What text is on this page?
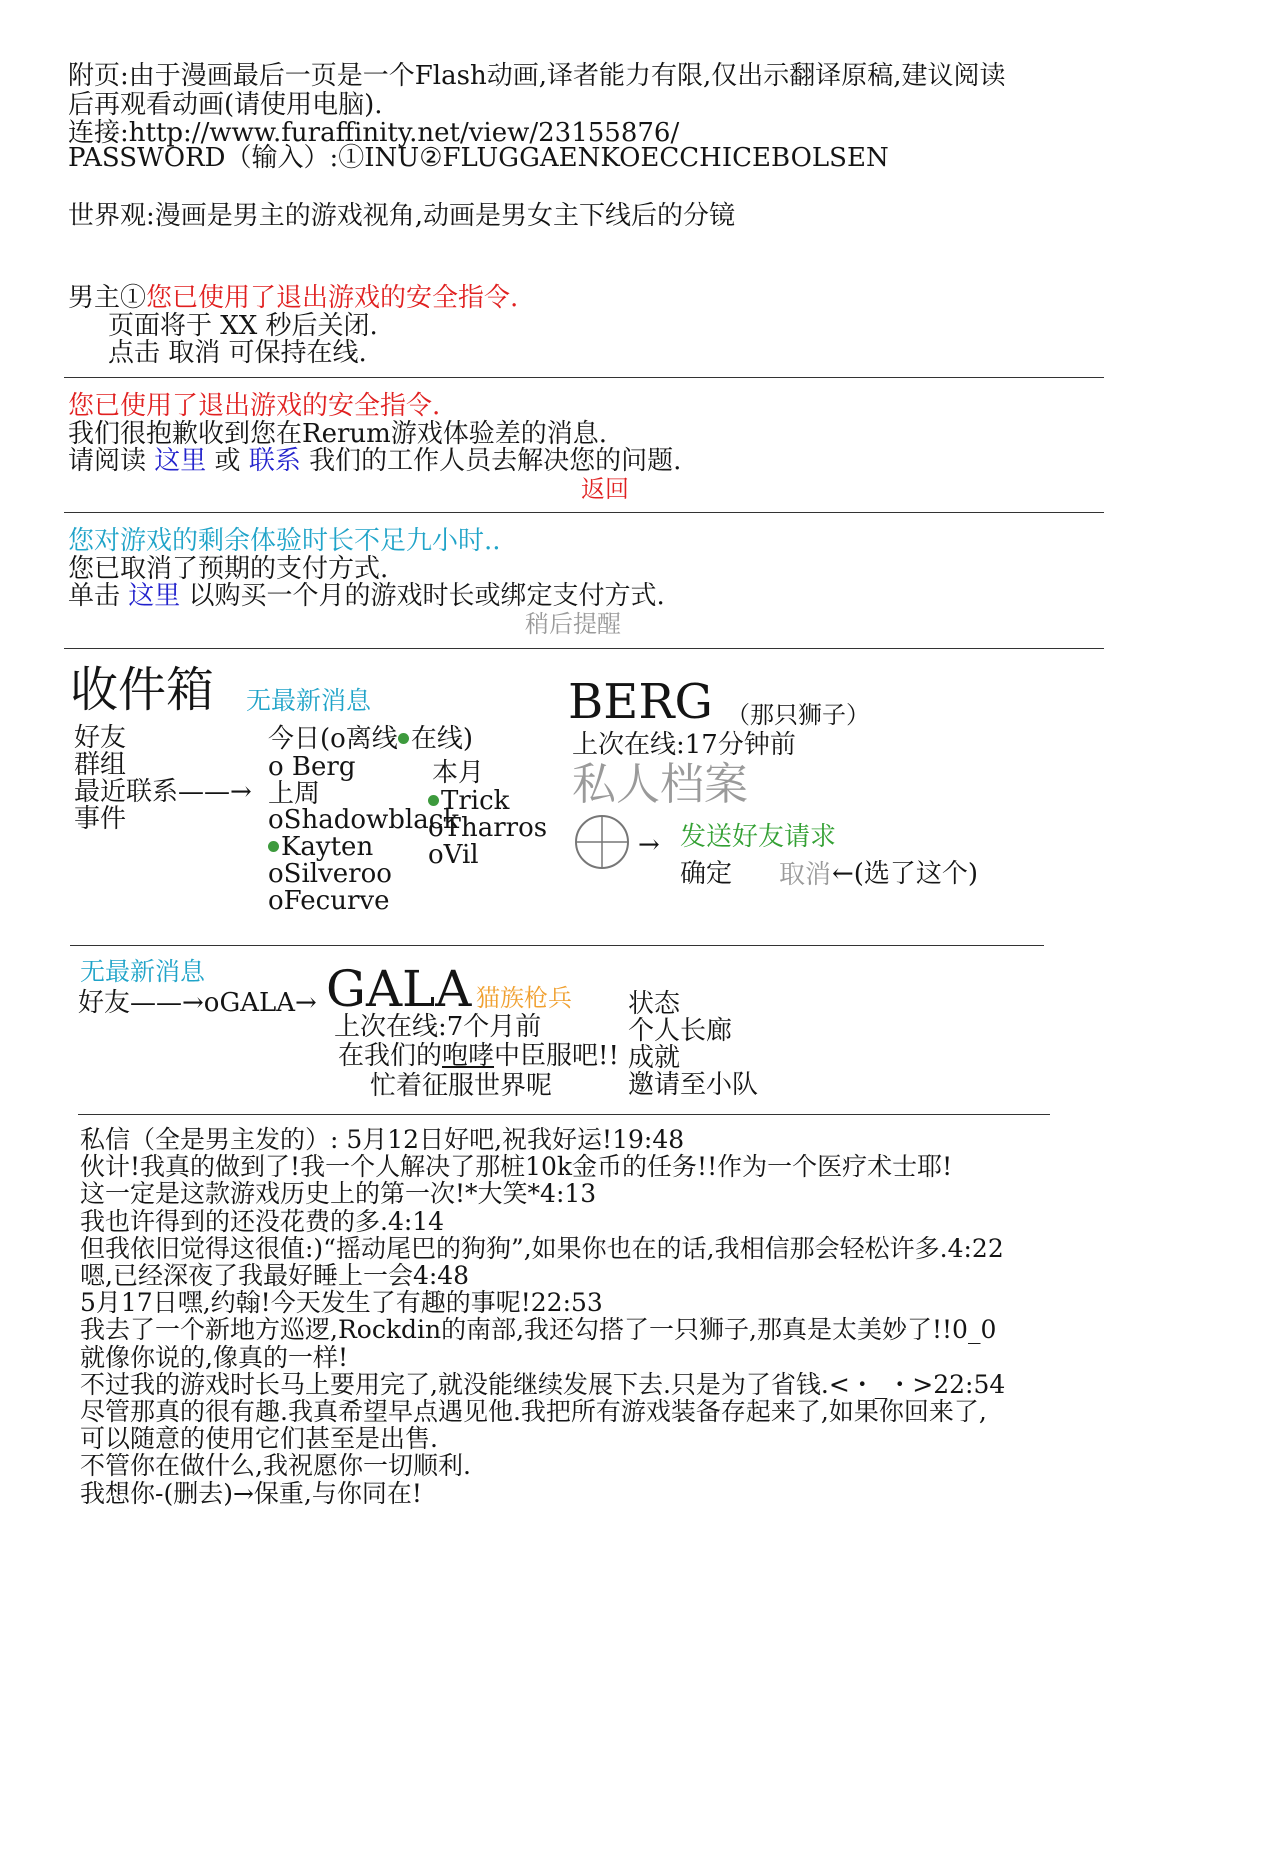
附页:由于漫画最后一页是一个Flash动画,译者能力有限,仅出示翻译原稿,建议阅读
后再观看动画(请使用电脑).
连接:http://www.furaffinity.net/view/23155876/
PASSWORD（输入）:①INU②FLUGGAENKOECCHICEBOLSEN
世界观:漫画是男主的游戏视角,动画是男女主下线后的分镜
男主①您已使用了退出游戏的安全指令.
页面将于 XX 秒后关闭.
点击 取消 可保持在线.
您已使用了退出游戏的安全指令.
我们很抱歉收到您在Rerum游戏体验差的消息.
请阅读 这里 或 联系 我们的工作人员去解决您的问题.
返回
您对游戏的剩余体验时长不足九小时..
您已取消了预期的支付方式.
单击 这里 以购买一个月的游戏时长或绑定支付方式.
稍后提醒
收件箱 无最新消息
好友
群组
最近联系——→
事件
今日(o离线 在线)
o Berg
上周
oShadowblack
Kayten
oSilveroo
oFecurve
本月
Trick
oTharros
oVil
BERG （那只狮子）
上次在线:17分钟前
私人档案
→ 发送好友请求
确定 取消 ←(选了这个)
无最新消息
好友——→oGALA→ GALA 猫族枪兵
上次在线:7个月前
在我们的咆哮中臣服吧!!
忙着征服世界呢
状态
个人长廊
成就
邀请至小队
私信（全是男主发的）: 5月12日好吧,祝我好运!19:48
伙计!我真的做到了!我一个人解决了那桩10k金币的任务!!作为一个医疗术士耶!
这一定是这款游戏历史上的第一次!*大笑*4:13
我也许得到的还没花费的多.4:14
但我依旧觉得这很值:)“摇动尾巴的狗狗”,如果你也在的话,我相信那会轻松许多.4:22
嗯,已经深夜了我最好睡上一会4:48
5月17日嘿,约翰!今天发生了有趣的事呢!22:53
我去了一个新地方巡逻,Rockdin的南部,我还勾搭了一只狮子,那真是太美妙了!!0_0
就像你说的,像真的一样!
不过我的游戏时长马上要用完了,就没能继续发展下去.只是为了省钱.<・_・>22:54
尽管那真的很有趣.我真希望早点遇见他.我把所有游戏装备存起来了,如果你回来了,
可以随意的使用它们甚至是出售.
不管你在做什么,我祝愿你一切顺利.
我想你-(删去)→保重,与你同在!
